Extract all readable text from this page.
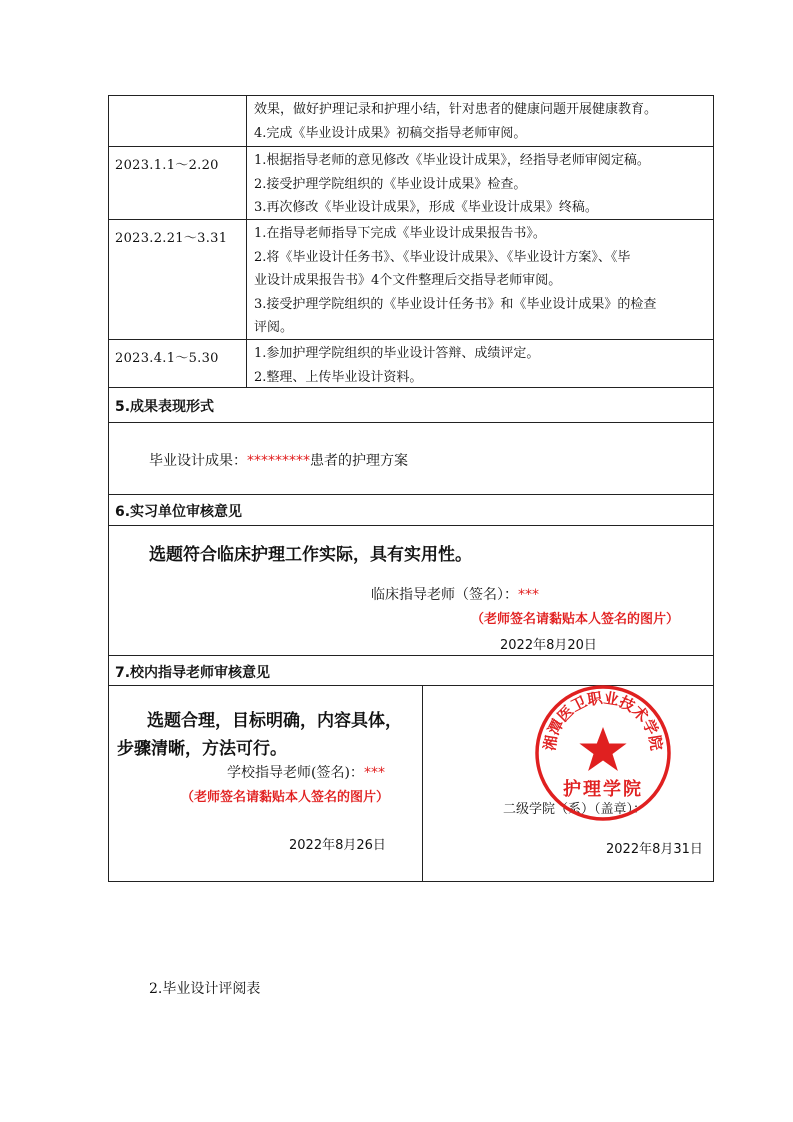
效果，做好护理记录和护理小结，针对患者的健康问题开展健康教育。

4.完成《毕业设计成果》初稿交指导老师审阅。

2023.1.1～2.20	1.根据指导老师的意见修改《毕业设计成果》，经指导老师审阅定稿。

2.接受护理学院组织的《毕业设计成果》检查。

3.再次修改《毕业设计成果》，形成《毕业设计成果》终稿。

2023.2.21～3.31	1.在指导老师指导下完成《毕业设计成果报告书》。

2.将《毕业设计任务书》、《毕业设计成果》、《毕业设计方案》、《毕

业设计成果报告书》4个文件整理后交指导老师审阅。

3.接受护理学院组织的《毕业设计任务书》和《毕业设计成果》的检查

评阅。

2023.4.1～5.30	1.参加护理学院组织的毕业设计答辩、成绩评定。

2.整理、上传毕业设计资料。

5.成果表现形式
毕业设计成果：*********患者的护理方案
6.实习单位审核意见
选题符合临床护理工作实际，具有实用性。
临床指导老师（签名）：***
（老师签名请黏贴本人签名的图片）
2022年8月20日
7.校内指导老师审核意见
选题合理，目标明确，内容具体，
步骤清晰，方法可行。
学校指导老师(签名)：***
（老师签名请黏贴本人签名的图片）
2022年8月26日
二级学院（系）（盖章）：
2022年8月31日
湘潭医卫职业技术学院
护理学院
2.毕业设计评阅表
